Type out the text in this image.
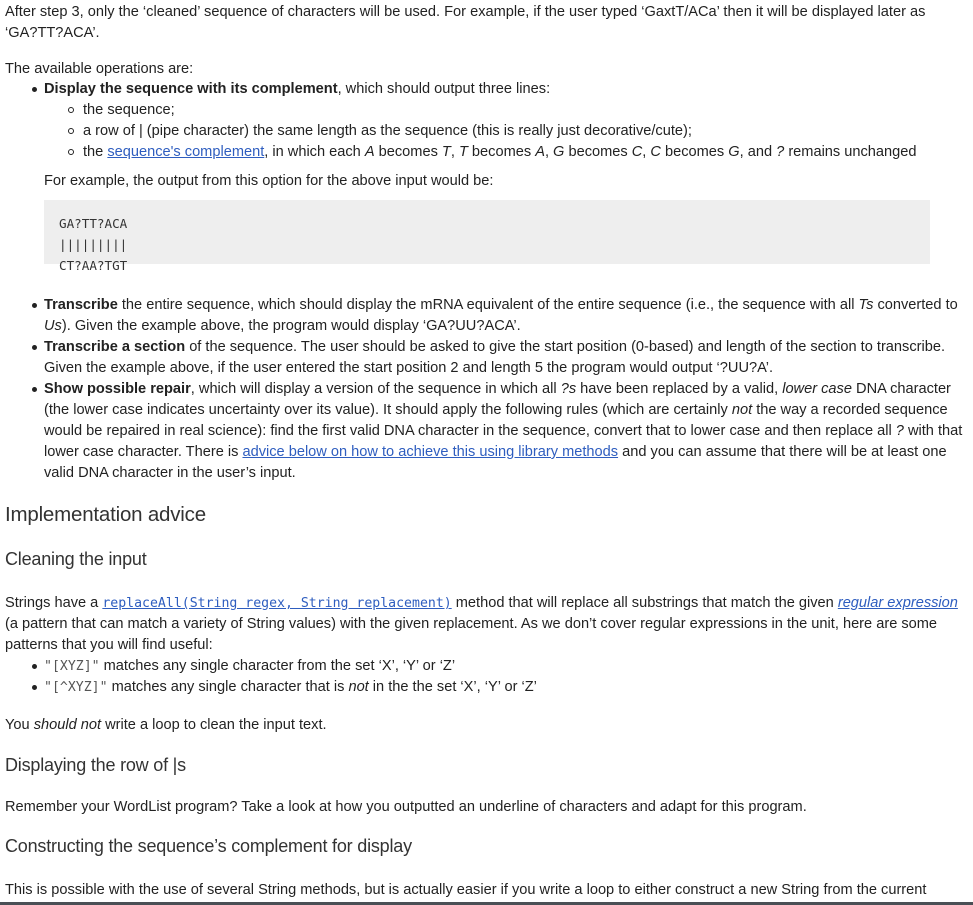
After step 3, only the ‘cleaned’ sequence of characters will be used. For example, if the user typed ‘GaxtT/ACa’ then it will be displayed later as ‘GA?TT?ACA’.

The available operations are:

Display the sequence with its complement, which should output three lines:
the sequence;
a row of | (pipe character) the same length as the sequence (this is really just decorative/cute);
the sequence's complement, in which each A becomes T, T becomes A, G becomes C, C becomes G, and ? remains unchanged

For example, the output from this option for the above input would be:

GA?TT?ACA
|||||||||
CT?AA?TGT
Transcribe the entire sequence, which should display the mRNA equivalent of the entire sequence (i.e., the sequence with all Ts converted to Us). Given the example above, the program would display ‘GA?UU?ACA’.
Transcribe a section of the sequence. The user should be asked to give the start position (0-based) and length of the section to transcribe. Given the example above, if the user entered the start position 2 and length 5 the program would output ‘?UU?A’.
Show possible repair, which will display a version of the sequence in which all ?s have been replaced by a valid, lower case DNA character (the lower case indicates uncertainty over its value). It should apply the following rules (which are certainly not the way a recorded sequence would be repaired in real science): find the first valid DNA character in the sequence, convert that to lower case and then replace all ? with that lower case character. There is advice below on how to achieve this using library methods and you can assume that there will be at least one valid DNA character in the user’s input.
Implementation advice
Cleaning the input

Strings have a replaceAll(String regex, String replacement) method that will replace all substrings that match the given regular expression (a pattern that can match a variety of String values) with the given replacement. As we don’t cover regular expressions in the unit, here are some patterns that you will find useful:

"[XYZ]" matches any single character from the set ‘X’, ‘Y’ or ‘Z’
"[^XYZ]" matches any single character that is not in the the set ‘X’, ‘Y’ or ‘Z’

You should not write a loop to clean the input text.

Displaying the row of |s

Remember your WordList program? Take a look at how you outputted an underline of characters and adapt for this program.

Constructing the sequence’s complement for display

This is possible with the use of several String methods, but is actually easier if you write a loop to either construct a new String from the current
